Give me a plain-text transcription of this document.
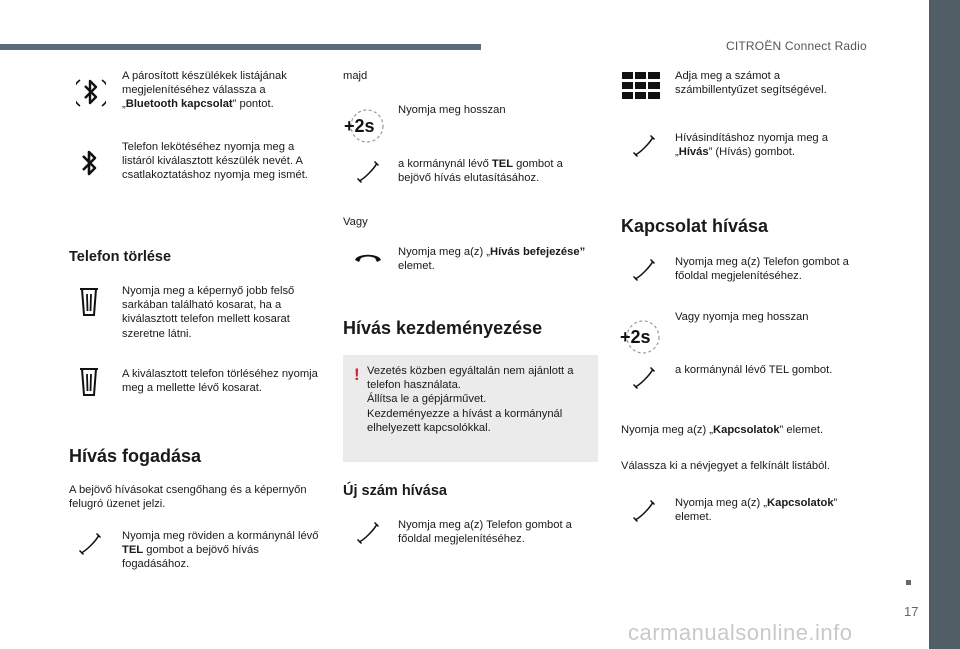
CITROËN Connect Radio
17
A párosított készülékek listájának megjelenítéséhez válassza a „Bluetooth kapcsolat” pontot.
Telefon lekötéséhez nyomja meg a listáról kiválasztott készülék nevét. A csatlakoztatáshoz nyomja meg ismét.
Telefon törlése
Nyomja meg a képernyő jobb felső sarkában található kosarat, ha a kiválasztott telefon mellett kosarat szeretne látni.
A kiválasztott telefon törléséhez nyomja meg a mellette lévő kosarat.
Hívás fogadása
A bejövő hívásokat csengőhang és a képernyőn felugró üzenet jelzi.
Nyomja meg röviden a kormánynál lévő TEL gombot a bejövő hívás fogadásához.
majd
+2s
Nyomja meg hosszan
a kormánynál lévő TEL gombot a bejövő hívás elutasításához.
Vagy
Nyomja meg a(z) „Hívás befejezése” elemet.
Hívás kezdeményezése
! Vezetés közben egyáltalán nem ajánlott a telefon használata.
Állítsa le a gépjárművet.
Kezdeményezze a hívást a kormánynál elhelyezett kapcsolókkal.
Új szám hívása
Nyomja meg a(z) Telefon gombot a főoldal megjelenítéséhez.
Adja meg a számot a számbillentyűzet segítségével.
Hívásindításhoz nyomja meg a „Hívás” (Hívás) gombot.
Kapcsolat hívása
Nyomja meg a(z) Telefon gombot a főoldal megjelenítéséhez.
+2s
Vagy nyomja meg hosszan
a kormánynál lévő TEL gombot.
Nyomja meg a(z) „Kapcsolatok” elemet.
Válassza ki a névjegyet a felkínált listából.
Nyomja meg a(z) „Kapcsolatok” elemet.
carmanualsonline.info
